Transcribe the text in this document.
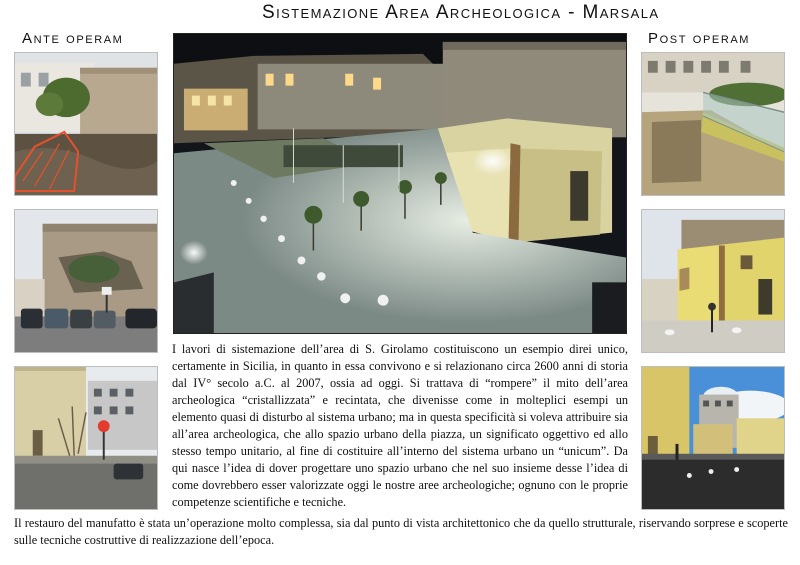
Sistemazione Area Archeologica - Marsala
Ante operam	Post operam
I lavori di sistemazione dell’area di S. Girolamo costituiscono un esempio direi unico, certamente in Sicilia, in quanto in essa convivono e si relazionano circa 2600 anni di storia dal IV° secolo a.C. al 2007, ossia ad oggi. Si trattava di “rompere” il mito dell’area archeologica “cristallizzata” e recintata, che divenisse come in molteplici esempi un elemento quasi di disturbo al sistema urbano; ma in questa specificità si voleva attribuire sia all’area archeologica, che allo spazio urbano della piazza, un significato oggettivo ed allo stesso tempo unitario, al fine di costituire all’interno del sistema urbano un “unicum”. Da qui nasce l’idea di dover progettare uno spazio urbano che nel suo insieme desse l’idea di come dovrebbero esser valorizzate oggi le nostre aree archeologiche; ognuno con le proprie competenze scientifiche e tecniche.
Il restauro del manufatto è stata un’operazione molto complessa, sia dal punto di vista architettonico che da quello strutturale, riservando sorprese e scoperte sulle tecniche costruttive di realizzazione dell’epoca.
